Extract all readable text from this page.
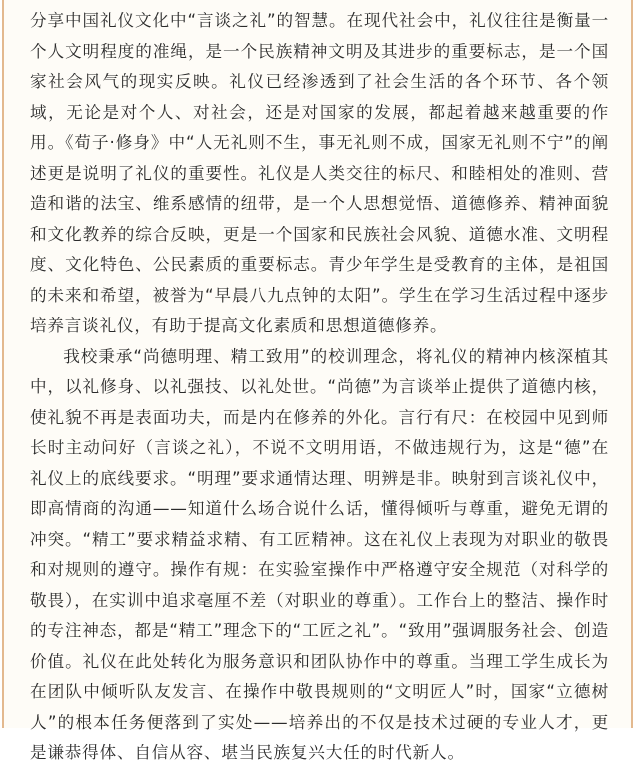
分享中国礼仪文化中“言谈之礼”的智慧。在现代社会中，礼仪往往是衡量一个人文明程度的准绳，是一个民族精神文明及其进步的重要标志，是一个国家社会风气的现实反映。礼仪已经渗透到了社会生活的各个环节、各个领域，无论是对个人、对社会，还是对国家的发展，都起着越来越重要的作用。《荀子·修身》中“人无礼则不生，事无礼则不成，国家无礼则不宁”的阐述更是说明了礼仪的重要性。礼仪是人类交往的标尺、和睦相处的准则、营造和谐的法宝、维系感情的纽带，是一个人思想觉悟、道德修养、精神面貌和文化教养的综合反映，更是一个国家和民族社会风貌、道德水准、文明程度、文化特色、公民素质的重要标志。青少年学生是受教育的主体，是祖国的未来和希望，被誉为“早晨八九点钟的太阳”。学生在学习生活过程中逐步培养言谈礼仪，有助于提高文化素质和思想道德修养。

我校秉承“尚德明理、精工致用”的校训理念，将礼仪的精神内核深植其中，以礼修身、以礼强技、以礼处世。“尚德”为言谈举止提供了道德内核，使礼貌不再是表面功夫，而是内在修养的外化。言行有尺：在校园中见到师长时主动问好（言谈之礼），不说不文明用语，不做违规行为，这是“德”在礼仪上的底线要求。“明理”要求通情达理、明辨是非。映射到言谈礼仪中，即高情商的沟通——知道什么场合说什么话，懂得倾听与尊重，避免无谓的冲突。“精工”要求精益求精、有工匠精神。这在礼仪上表现为对职业的敬畏和对规则的遵守。操作有规：在实验室操作中严格遵守安全规范（对科学的敬畏），在实训中追求毫厘不差（对职业的尊重）。工作台上的整洁、操作时的专注神态，都是“精工”理念下的“工匠之礼”。“致用”强调服务社会、创造价值。礼仪在此处转化为服务意识和团队协作中的尊重。当理工学生成长为在团队中倾听队友发言、在操作中敬畏规则的“文明匠人”时，国家“立德树人”的根本任务便落到了实处——培养出的不仅是技术过硬的专业人才，更是谦恭得体、自信从容、堪当民族复兴大任的时代新人。
